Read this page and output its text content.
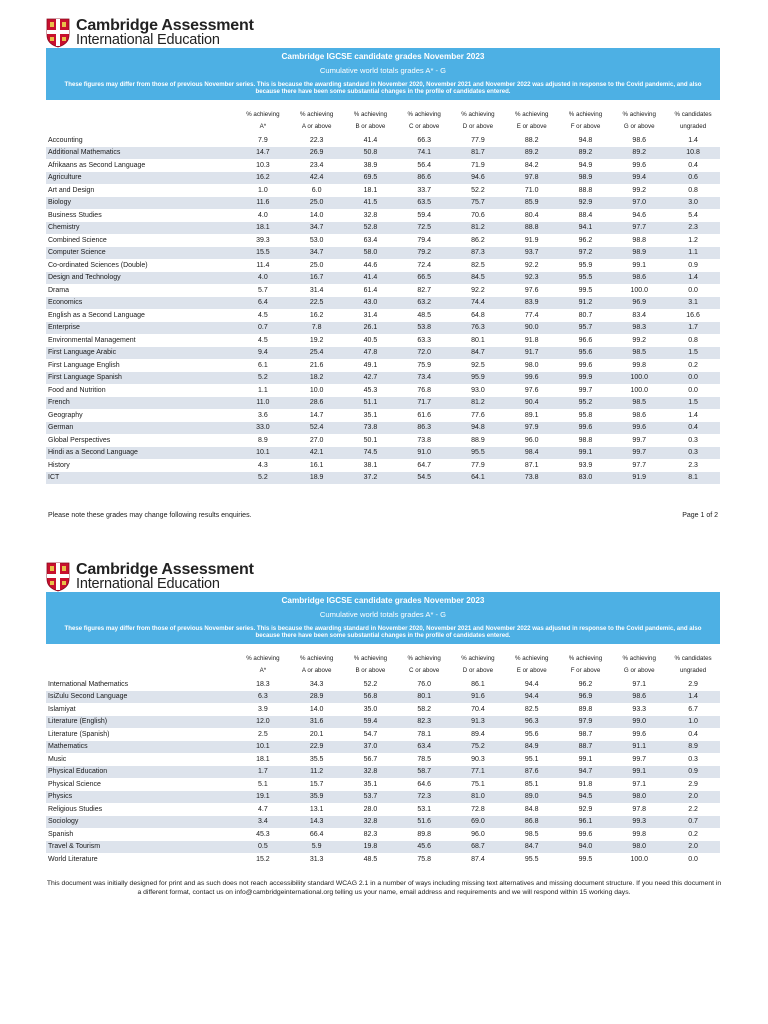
Cambridge Assessment
International Education
Cambridge IGCSE candidate grades November 2023
Cumulative world totals grades A* - G
These figures may differ from those of previous November series. This is because the awarding standard in November 2020, November 2021 and November 2022 was adjusted in response to the Covid pandemic, and also because there have been some substantial changes in the profile of candidates entered.
	% achieving	% achieving	% achieving	% achieving	% achieving	% achieving	% achieving	% achieving	% candidates
	A*	A or above	B or above	C or above	D or above	E or above	F or above	G or above	ungraded
Accounting	7.9	22.3	41.4	66.3	77.9	88.2	94.8	98.6	1.4
Additional Mathematics	14.7	26.9	50.8	74.1	81.7	89.2	89.2	89.2	10.8
Afrikaans as Second Language	10.3	23.4	38.9	56.4	71.9	84.2	94.9	99.6	0.4
Agriculture	16.2	42.4	69.5	86.6	94.6	97.8	98.9	99.4	0.6
Art and Design	1.0	6.0	18.1	33.7	52.2	71.0	88.8	99.2	0.8
Biology	11.6	25.0	41.5	63.5	75.7	85.9	92.9	97.0	3.0
Business Studies	4.0	14.0	32.8	59.4	70.6	80.4	88.4	94.6	5.4
Chemistry	18.1	34.7	52.8	72.5	81.2	88.8	94.1	97.7	2.3
Combined Science	39.3	53.0	63.4	79.4	86.2	91.9	96.2	98.8	1.2
Computer Science	15.5	34.7	58.0	79.2	87.3	93.7	97.2	98.9	1.1
Co-ordinated Sciences (Double)	11.4	25.0	44.6	72.4	82.5	92.2	95.9	99.1	0.9
Design and Technology	4.0	16.7	41.4	66.5	84.5	92.3	95.5	98.6	1.4
Drama	5.7	31.4	61.4	82.7	92.2	97.6	99.5	100.0	0.0
Economics	6.4	22.5	43.0	63.2	74.4	83.9	91.2	96.9	3.1
English as a Second Language	4.5	16.2	31.4	48.5	64.8	77.4	80.7	83.4	16.6
Enterprise	0.7	7.8	26.1	53.8	76.3	90.0	95.7	98.3	1.7
Environmental Management	4.5	19.2	40.5	63.3	80.1	91.8	96.6	99.2	0.8
First Language Arabic	9.4	25.4	47.8	72.0	84.7	91.7	95.6	98.5	1.5
First Language English	6.1	21.6	49.1	75.9	92.5	98.0	99.6	99.8	0.2
First Language Spanish	5.2	18.2	42.7	73.4	95.9	99.6	99.9	100.0	0.0
Food and Nutrition	1.1	10.0	45.3	76.8	93.0	97.6	99.7	100.0	0.0
French	11.0	28.6	51.1	71.7	81.2	90.4	95.2	98.5	1.5
Geography	3.6	14.7	35.1	61.6	77.6	89.1	95.8	98.6	1.4
German	33.0	52.4	73.8	86.3	94.8	97.9	99.6	99.6	0.4
Global Perspectives	8.9	27.0	50.1	73.8	88.9	96.0	98.8	99.7	0.3
Hindi as a Second Language	10.1	42.1	74.5	91.0	95.5	98.4	99.1	99.7	0.3
History	4.3	16.1	38.1	64.7	77.9	87.1	93.9	97.7	2.3
ICT	5.2	18.9	37.2	54.5	64.1	73.8	83.0	91.9	8.1
Please note these grades may change following results enquiries.	Page 1 of 2
Cambridge Assessment
International Education
Cambridge IGCSE candidate grades November 2023
Cumulative world totals grades A* - G
These figures may differ from those of previous November series. This is because the awarding standard in November 2020, November 2021 and November 2022 was adjusted in response to the Covid pandemic, and also because there have been some substantial changes in the profile of candidates entered.
	% achieving	% achieving	% achieving	% achieving	% achieving	% achieving	% achieving	% achieving	% candidates
	A*	A or above	B or above	C or above	D or above	E or above	F or above	G or above	ungraded
International Mathematics	18.3	34.3	52.2	76.0	86.1	94.4	96.2	97.1	2.9
IsiZulu Second Language	6.3	28.9	56.8	80.1	91.6	94.4	96.9	98.6	1.4
Islamiyat	3.9	14.0	35.0	58.2	70.4	82.5	89.8	93.3	6.7
Literature (English)	12.0	31.6	59.4	82.3	91.3	96.3	97.9	99.0	1.0
Literature (Spanish)	2.5	20.1	54.7	78.1	89.4	95.6	98.7	99.6	0.4
Mathematics	10.1	22.9	37.0	63.4	75.2	84.9	88.7	91.1	8.9
Music	18.1	35.5	56.7	78.5	90.3	95.1	99.1	99.7	0.3
Physical Education	1.7	11.2	32.8	58.7	77.1	87.6	94.7	99.1	0.9
Physical Science	5.1	15.7	35.1	64.6	75.1	85.1	91.8	97.1	2.9
Physics	19.1	35.9	53.7	72.3	81.0	89.0	94.5	98.0	2.0
Religious Studies	4.7	13.1	28.0	53.1	72.8	84.8	92.9	97.8	2.2
Sociology	3.4	14.3	32.8	51.6	69.0	86.8	96.1	99.3	0.7
Spanish	45.3	66.4	82.3	89.8	96.0	98.5	99.6	99.8	0.2
Travel & Tourism	0.5	5.9	19.8	45.6	68.7	84.7	94.0	98.0	2.0
World Literature	15.2	31.3	48.5	75.8	87.4	95.5	99.5	100.0	0.0
This document was initially designed for print and as such does not reach accessibility standard WCAG 2.1 in a number of ways including missing text alternatives and missing document structure. If you need this document in a different format, contact us on info@cambridgeinternational.org telling us your name, email address and requirements and we will respond within 15 working days.
